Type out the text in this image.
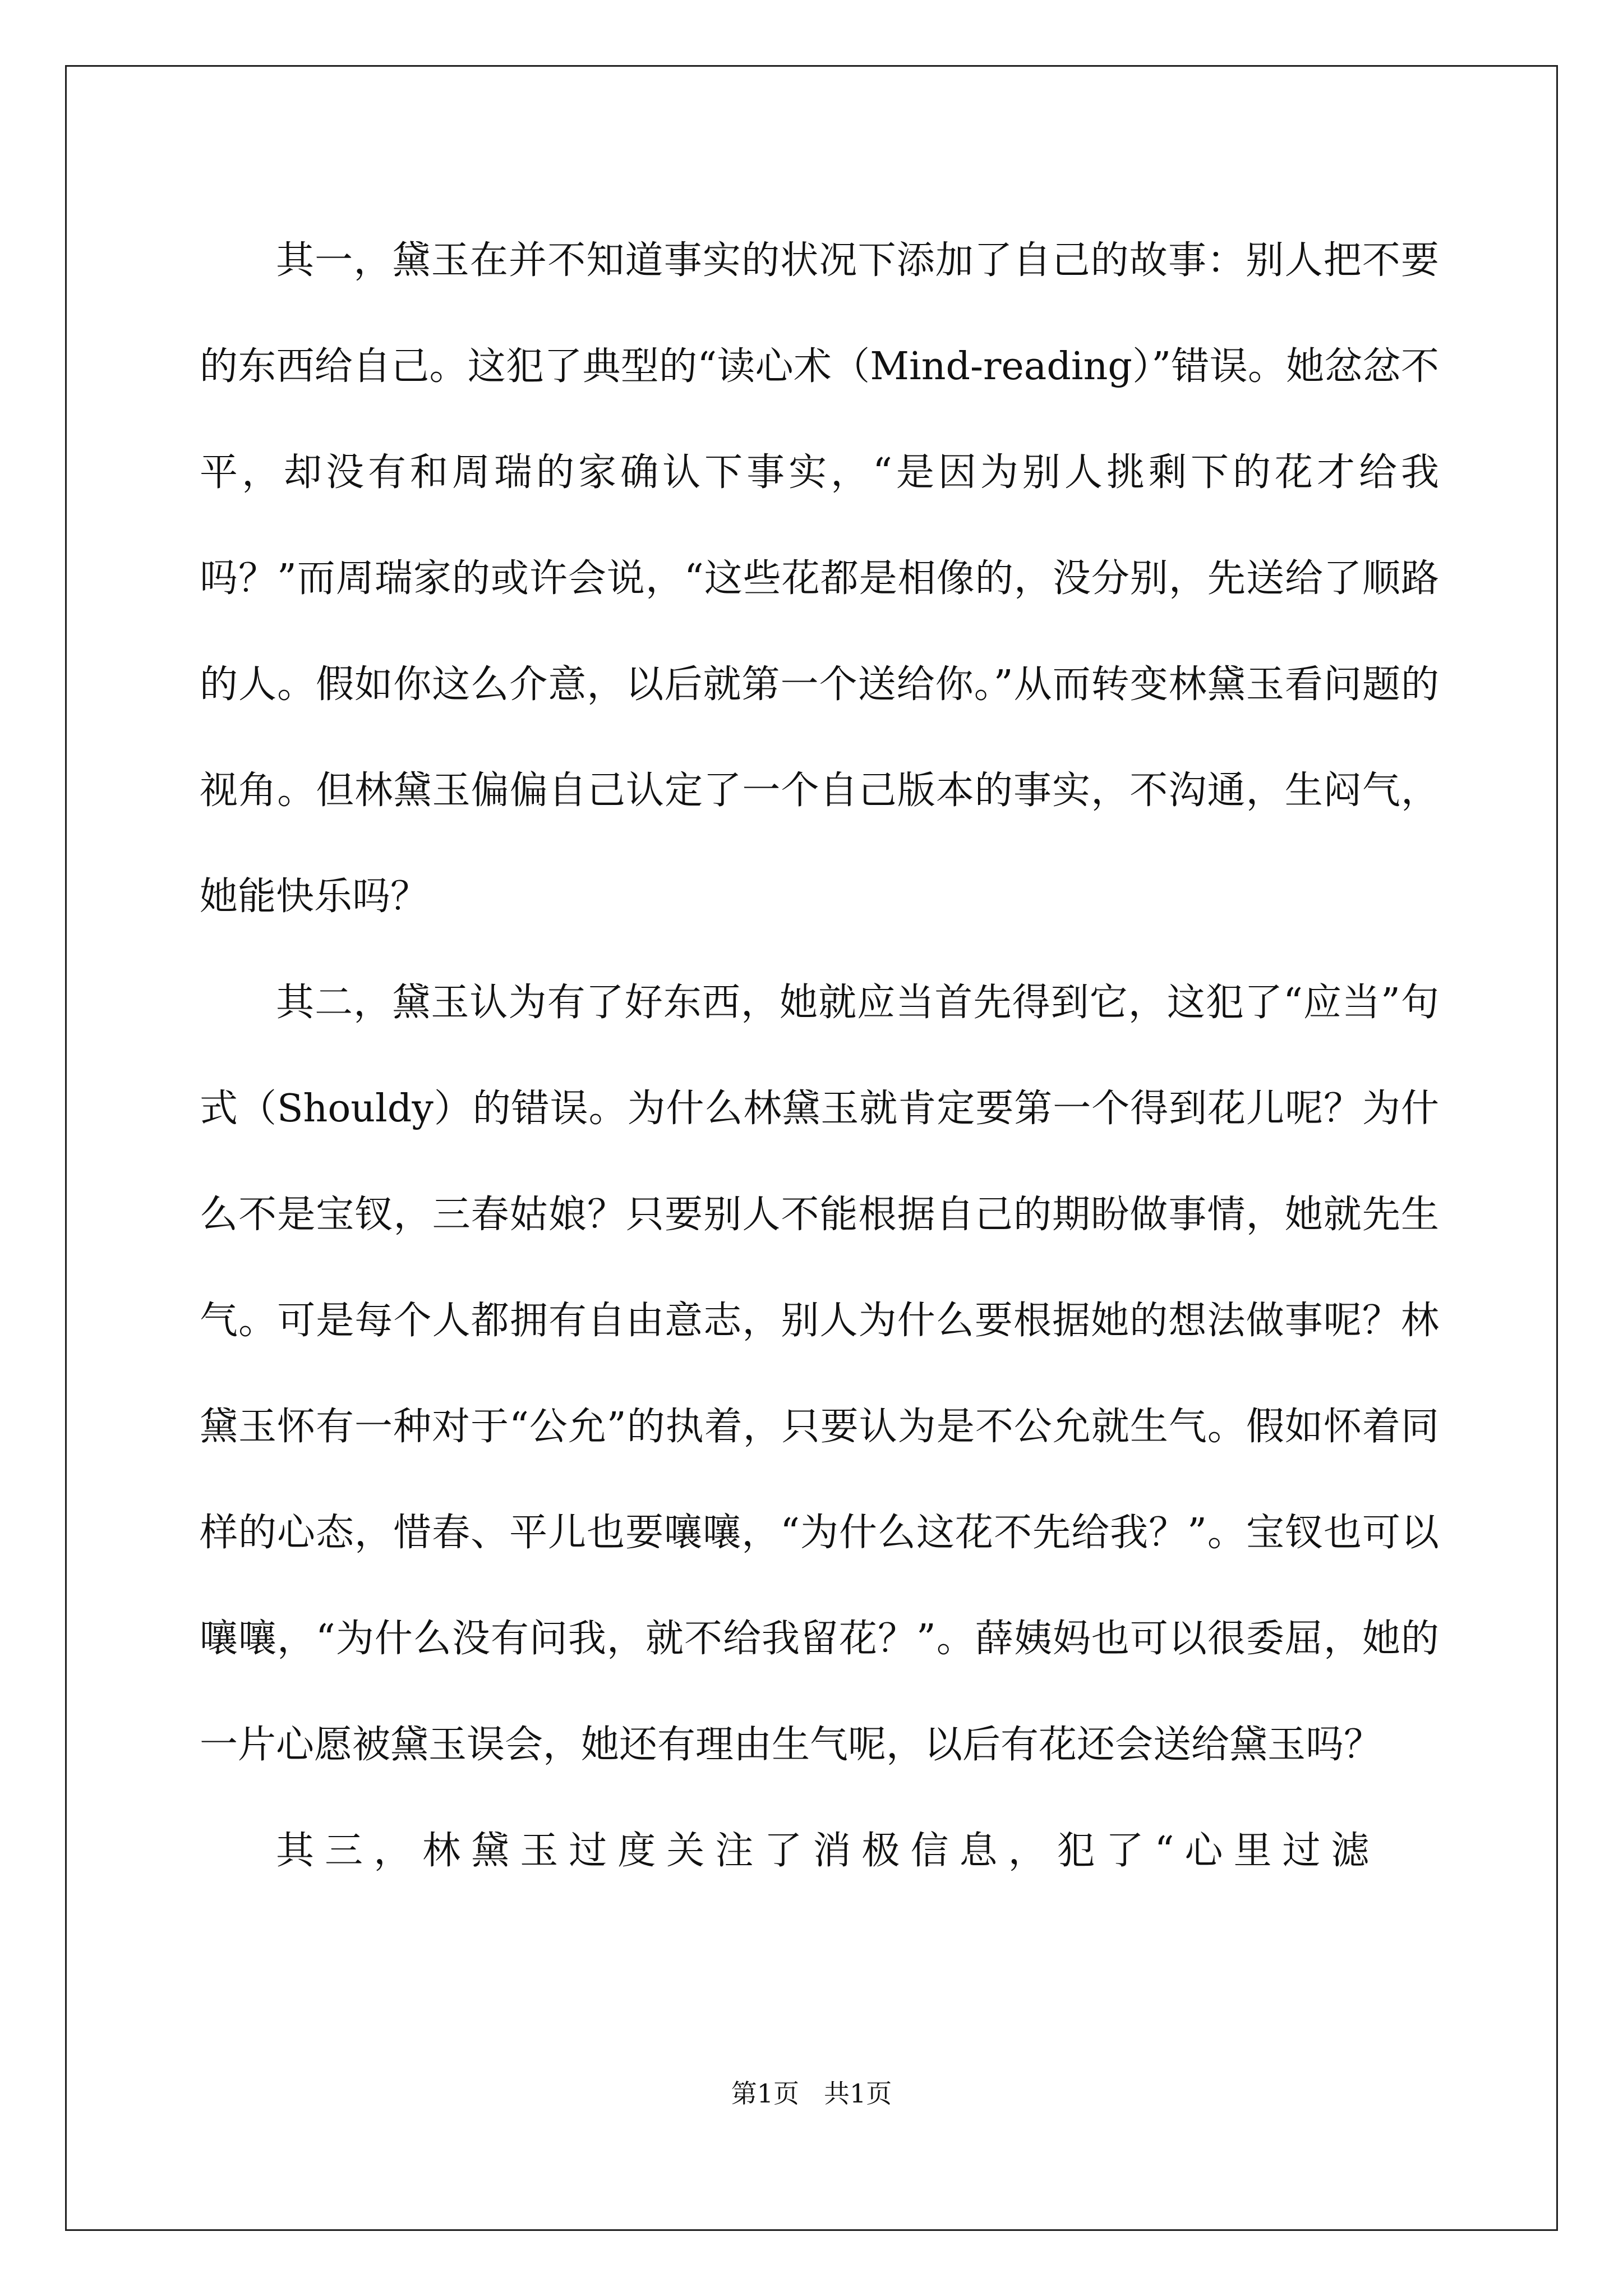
其一，黛玉在并不知道事实的状况下添加了自己的故事：别人把不要的东西给自己。这犯了典型的“读心术（Mind-reading）”错误。她忿忿不平，却没有和周瑞的家确认下事实，“是因为别人挑剩下的花才给我吗？”而周瑞家的或许会说，“这些花都是相像的，没分别，先送给了顺路的人。假如你这么介意，以后就第一个送给你。”从而转变林黛玉看问题的视角。但林黛玉偏偏自己认定了一个自己版本的事实，不沟通，生闷气，她能快乐吗？

其二，黛玉认为有了好东西，她就应当首先得到它，这犯了“应当”句式（Shouldy）的错误。为什么林黛玉就肯定要第一个得到花儿呢？为什么不是宝钗，三春姑娘？只要别人不能根据自己的期盼做事情，她就先生气。可是每个人都拥有自由意志，别人为什么要根据她的想法做事呢？林黛玉怀有一种对于“公允”的执着，只要认为是不公允就生气。假如怀着同样的心态，惜春、平儿也要嚷嚷，“为什么这花不先给我？”。宝钗也可以嚷嚷，“为什么没有问我，就不给我留花？”。薛姨妈也可以很委屈，她的一片心愿被黛玉误会，她还有理由生气呢，以后有花还会送给黛玉吗？

其三，林黛玉过度关注了消极信息，犯了“心里过滤

第1页 共1页
